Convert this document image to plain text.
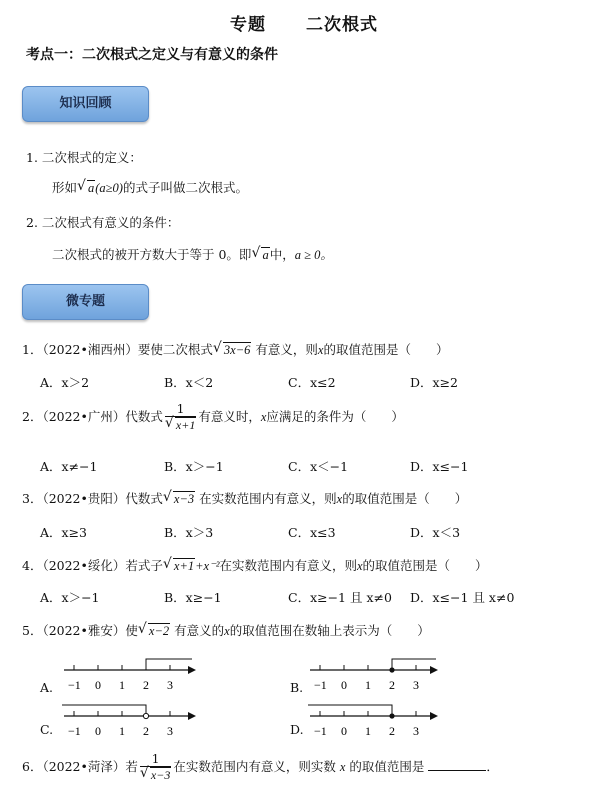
专题 二次根式
考点一：二次根式之定义与有意义的条件
知识回顾
1. 二次根式的定义：
形如 √ a(a≥0)的式子叫做二次根式。
2. 二次根式有意义的条件：
二次根式的被开方数大于等于 0。即 √ a中，a ≥ 0。
微专题
1．（2022•湘西州）要使二次根式 √ 3x−6 有意义，则x的取值范围是（　　）
A．x＞2	B．x＜2	C．x≤2	D．x≥2
2．（2022•广州）代数式 1
√ x+1 有意义时，x应满足的条件为（　　）
A．x≠−1	B．x＞−1	C．x＜−1	D．x≤−1
3．（2022•贵阳）代数式 √ x−3 在实数范围内有意义，则x的取值范围是（　　）
A．x≥3	B．x＞3	C．x≤3	D．x＜3
4．（2022•绥化）若式子 √ x+1+x⁻²在实数范围内有意义，则x的取值范围是（　　）
A．x＞−1	B．x≥−1	C．x≥−1 且 x≠0 D．x≤−1 且 x≠0
5．（2022•雅安）使 √ x−2 有意义的x的取值范围在数轴上表示为（　　）
A. −1 0 1 2 3	B. −1 0 1 2 3
C. −1 0 1 2 3	D. −1 0 1 2 3
6．（2022•菏泽）若 1
√ x−3 在实数范围内有意义，则实数 x 的取值范围是	．
